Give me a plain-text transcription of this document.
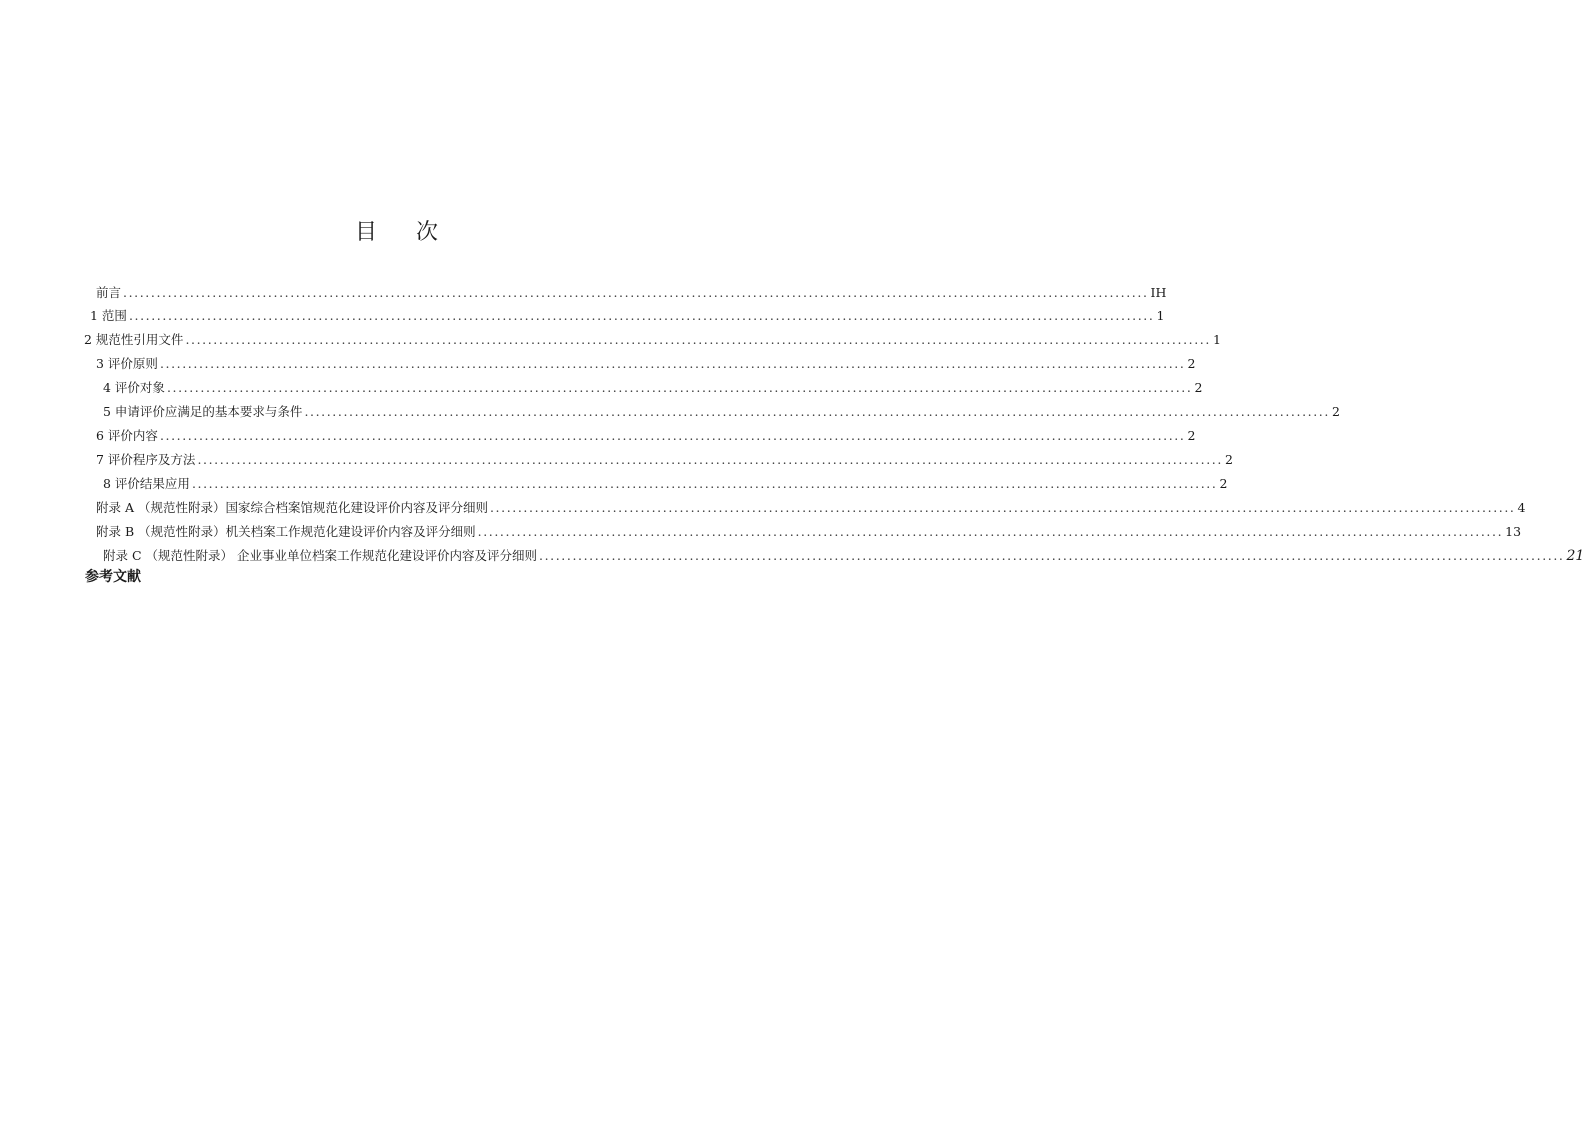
目 次
前言 ........................................................................................................................................................................................ IH
1 范围 ........................................................................................................................................................................................ 1
2 规范性引用文件 ........................................................................................................................................................................................ 1
3 评价原则 ........................................................................................................................................................................................ 2
4 评价对象 ........................................................................................................................................................................................ 2
5 申请评价应满足的基本要求与条件 ........................................................................................................................................................................................ 2
6 评价内容 ........................................................................................................................................................................................ 2
7 评价程序及方法 ........................................................................................................................................................................................ 2
8 评价结果应用 ........................................................................................................................................................................................ 2
附录 A （规范性附录）国家综合档案馆规范化建设评价内容及评分细则 ........................................................................................................................................................................................ 4
附录 B （规范性附录）机关档案工作规范化建设评价内容及评分细则 ........................................................................................................................................................................................ 13
附录 C （规范性附录） 企业事业单位档案工作规范化建设评价内容及评分细则 ........................................................................................................................................................................................ 21
参考文献
